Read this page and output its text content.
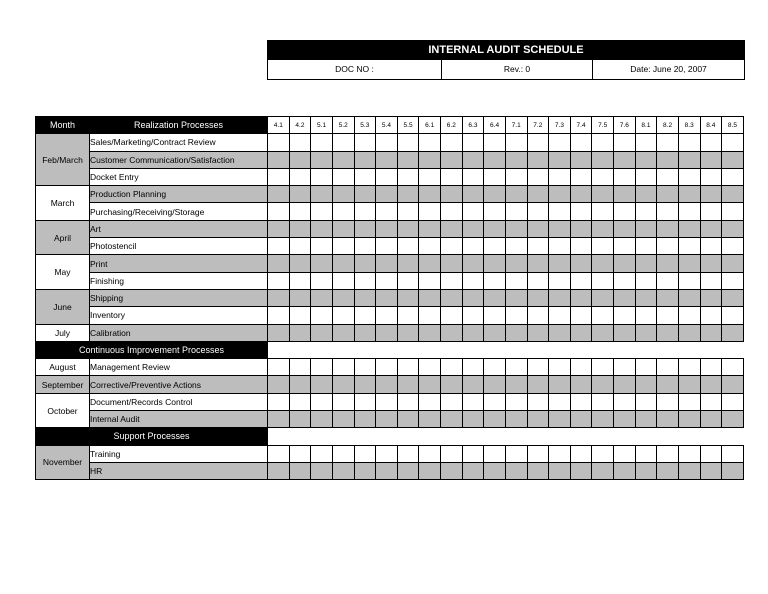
INTERNAL AUDIT SCHEDULE
DOC NO :	Rev.: 0	Date: June 20, 2007
Month	Realization Processes	4.1	4.2	5.1	5.2	5.3	5.4	5.5	6.1	6.2	6.3	6.4	7.1	7.2	7.3	7.4	7.5	7.6	8.1	8.2	8.3	8.4	8.5
Feb/March	Sales/Marketing/Contract Review																						
	Customer Communication/Satisfaction																						
	Docket Entry																						
March	Production Planning																						
	Purchasing/Receiving/Storage																						
April	Art																						
	Photostencil																						
May	Print																						
	Finishing																						
June	Shipping																						
	Inventory																						
July	Calibration																						
Continuous Improvement Processes																							
August	Management Review																						
September	Corrective/Preventive Actions																						
October	Document/Records Control																						
	Internal Audit																						
Support Processes																							
November	Training																						
	HR																						
